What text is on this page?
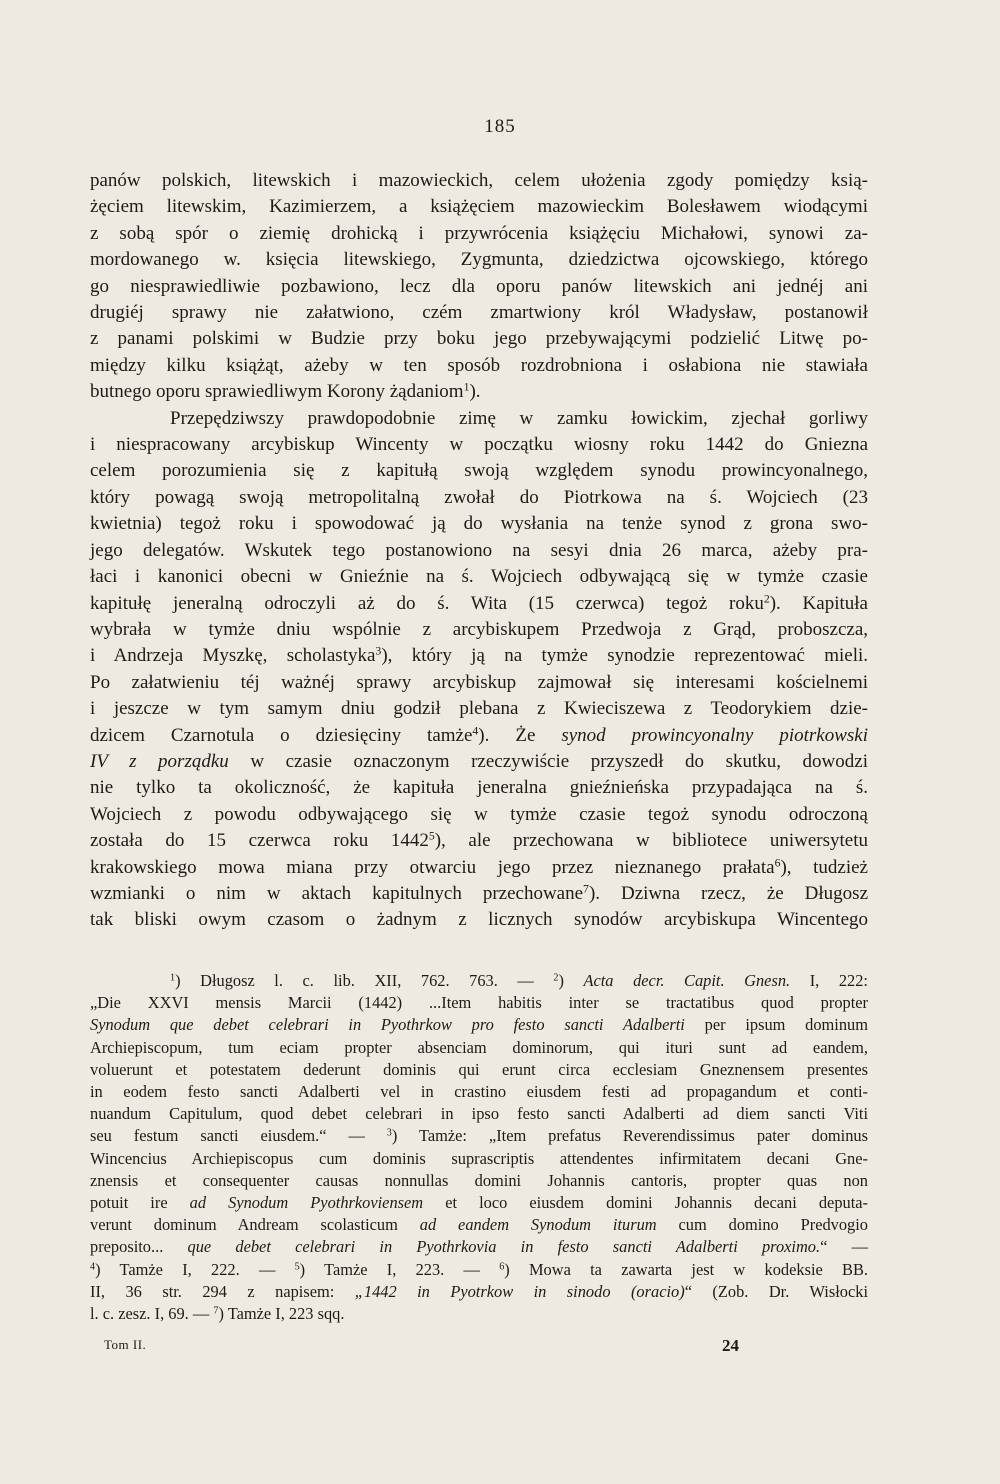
185
panów polskich, litewskich i mazowieckich, celem ułożenia zgody pomiędzy ksią-
żęciem litewskim, Kazimierzem, a książęciem mazowieckim Bolesławem wiodącymi
z sobą spór o ziemię drohicką i przywrócenia książęciu Michałowi, synowi za-
mordowanego w. księcia litewskiego, Zygmunta, dziedzictwa ojcowskiego, którego
go niesprawiedliwie pozbawiono, lecz dla oporu panów litewskich ani jednéj ani
drugiéj sprawy nie załatwiono, czém zmartwiony król Władysław, postanowił
z panami polskimi w Budzie przy boku jego przebywającymi podzielić Litwę po-
między kilku książąt, ażeby w ten sposób rozdrobniona i osłabiona nie stawiała
butnego oporu sprawiedliwym Korony żądaniom$^1$).
Przepędziwszy prawdopodobnie zimę w zamku łowickim, zjechał gorliwy
i niespracowany arcybiskup Wincenty w początku wiosny roku 1442 do Gniezna
celem porozumienia się z kapitułą swoją względem synodu prowincyonalnego,
który powagą swoją metropolitalną zwołał do Piotrkowa na ś. Wojciech (23
kwietnia) tegoż roku i spowodować ją do wysłania na tenże synod z grona swo-
jego delegatów. Wskutek tego postanowiono na sesyi dnia 26 marca, ażeby pra-
łaci i kanonici obecni w Gnieźnie na ś. Wojciech odbywającą się w tymże czasie
kapitułę jeneralną odroczyli aż do ś. Wita (15 czerwca) tegoż roku$^2$). Kapituła
wybrała w tymże dniu wspólnie z arcybiskupem Przedwoja z Grąd, proboszcza,
i Andrzeja Myszkę, scholastyka$^3$), który ją na tymże synodzie reprezentować mieli.
Po załatwieniu téj ważnéj sprawy arcybiskup zajmował się interesami kościelnemi
i jeszcze w tym samym dniu godził plebana z Kwieciszewa z Teodorykiem dzie-
dzicem Czarnotula o dziesięciny tamże$^4$). Że synod prowincyonalny piotrkowski
IV z porządku w czasie oznaczonym rzeczywiście przyszedł do skutku, dowodzi
nie tylko ta okoliczność, że kapituła jeneralna gnieźnieńska przypadająca na ś.
Wojciech z powodu odbywającego się w tymże czasie tegoż synodu odroczoną
została do 15 czerwca roku 1442$^5$), ale przechowana w bibliotece uniwersytetu
krakowskiego mowa miana przy otwarciu jego przez nieznanego prałata$^6$), tudzież
wzmianki o nim w aktach kapitulnych przechowane$^7$). Dziwna rzecz, że Długosz
tak bliski owym czasom o żadnym z licznych synodów arcybiskupa Wincentego
$^1$) Długosz l. c. lib. XII, 762. 763. — $^2$) Acta decr. Capit. Gnesn. I, 222:
„Die XXVI mensis Marcii (1442) ...Item habitis inter se tractatibus quod propter
Synodum que debet celebrari in Pyothrkow pro festo sancti Adalberti per ipsum dominum
Archiepiscopum, tum eciam propter absenciam dominorum, qui ituri sunt ad eandem,
voluerunt et potestatem dederunt dominis qui erunt circa ecclesiam Gneznensem presentes
in eodem festo sancti Adalberti vel in crastino eiusdem festi ad propagandum et conti-
nuandum Capitulum, quod debet celebrari in ipso festo sancti Adalberti ad diem sancti Viti
seu festum sancti eiusdem.“ — $^3$) Tamże: „Item prefatus Reverendissimus pater dominus
Wincencius Archiepiscopus cum dominis suprascriptis attendentes infirmitatem decani Gne-
znensis et consequenter causas nonnullas domini Johannis cantoris, propter quas non
potuit ire ad Synodum Pyothrkoviensem et loco eiusdem domini Johannis decani deputa-
verunt dominum Andream scolasticum ad eandem Synodum iturum cum domino Predvogio
preposito... que debet celebrari in Pyothrkovia in festo sancti Adalberti proximo.“ —
$^4$) Tamże I, 222. — $^5$) Tamże I, 223. — $^6$) Mowa ta zawarta jest w kodeksie BB.
II, 36 str. 294 z napisem: „1442 in Pyotrkow in sinodo (oracio)“ (Zob. Dr. Wisłocki
l. c. zesz. I, 69. — $^7$) Tamże I, 223 sqq.
Tom II.	24
